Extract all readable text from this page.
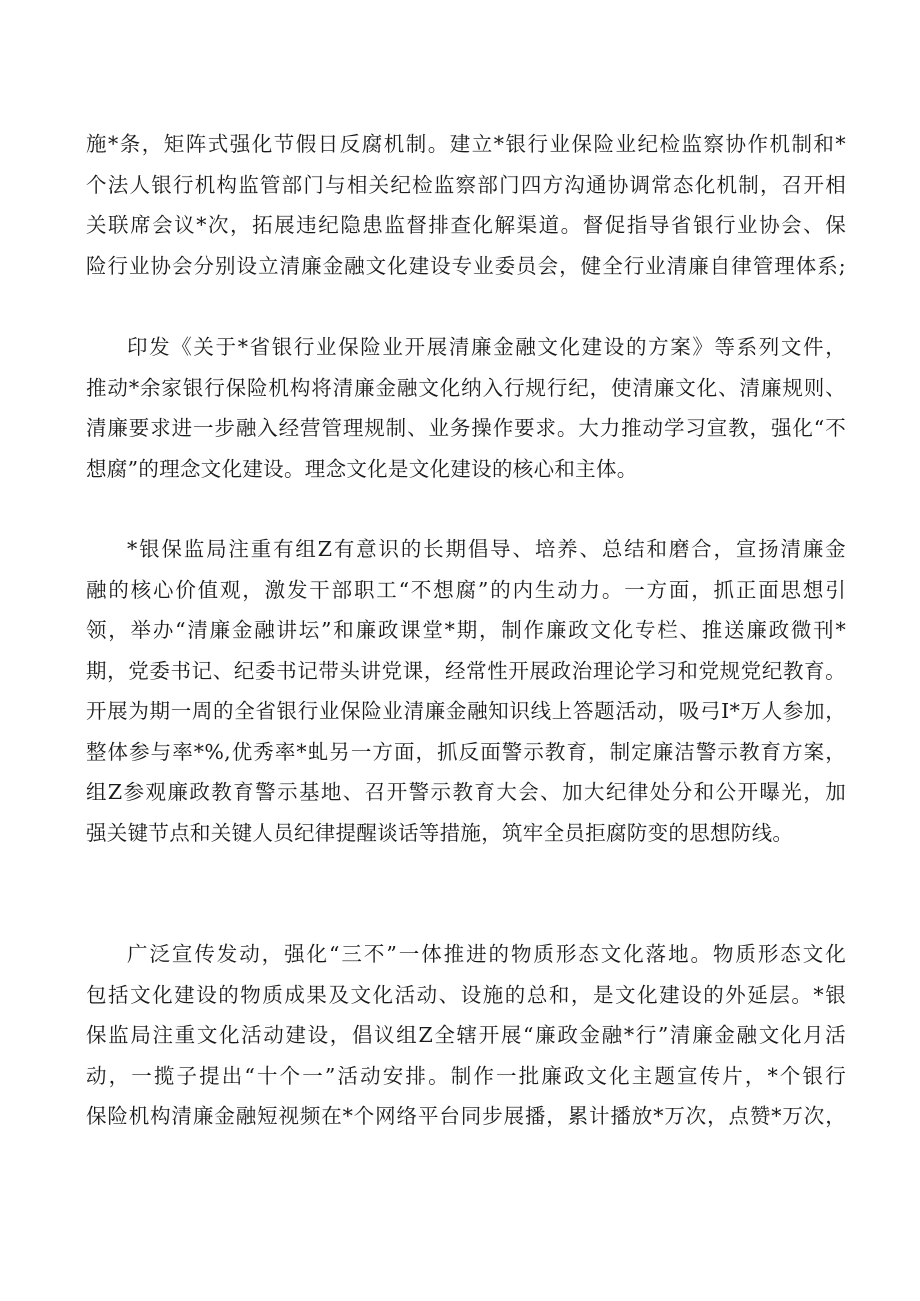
施*条，矩阵式强化节假日反腐机制。建立*银行业保险业纪检监察协作机制和*
个法人银行机构监管部门与相关纪检监察部门四方沟通协调常态化机制，召开相
关联席会议*次，拓展违纪隐患监督排查化解渠道。督促指导省银行业协会、保
险行业协会分别设立清廉金融文化建设专业委员会，健全行业清廉自律管理体系;
印发《关于*省银行业保险业开展清廉金融文化建设的方案》等系列文件，
推动*余家银行保险机构将清廉金融文化纳入行规行纪，使清廉文化、清廉规则、
清廉要求进一步融入经营管理规制、业务操作要求。大力推动学习宣教，强化“不
想腐”的理念文化建设。理念文化是文化建设的核心和主体。
*银保监局注重有组Z有意识的长期倡导、培养、总结和磨合，宣扬清廉金
融的核心价值观，激发干部职工“不想腐”的内生动力。一方面，抓正面思想引
领，举办“清廉金融讲坛”和廉政课堂*期，制作廉政文化专栏、推送廉政微刊*
期，党委书记、纪委书记带头讲党课，经常性开展政治理论学习和党规党纪教育。
开展为期一周的全省银行业保险业清廉金融知识线上答题活动，吸弓I*万人参加，
整体参与率*%,优秀率*虬另一方面，抓反面警示教育，制定廉洁警示教育方案，
组Z参观廉政教育警示基地、召开警示教育大会、加大纪律处分和公开曝光，加
强关键节点和关键人员纪律提醒谈话等措施，筑牢全员拒腐防变的思想防线。
广泛宣传发动，强化“三不”一体推进的物质形态文化落地。物质形态文化
包括文化建设的物质成果及文化活动、设施的总和，是文化建设的外延层。*银
保监局注重文化活动建设，倡议组Z全辖开展“廉政金融*行”清廉金融文化月活
动，一揽子提出“十个一”活动安排。制作一批廉政文化主题宣传片，*个银行
保险机构清廉金融短视频在*个网络平台同步展播，累计播放*万次，点赞*万次，
